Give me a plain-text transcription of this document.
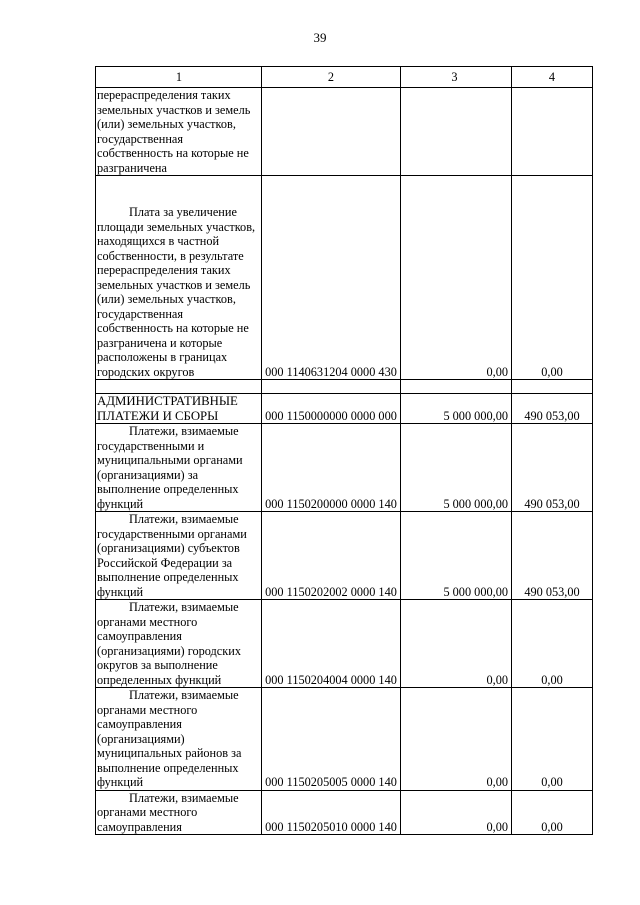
39
1	2	3	4

перераспределения таких земельных участков и земель (или) земельных участков, государственная собственность на которые не разграничена			

Плата за увеличение площади земельных участков, находящихся в частной собственности, в результате перераспределения таких земельных участков и земель (или) земельных участков, государственная собственность на которые не разграничена и которые расположены в границах городских округов	000 1140631204 0000 430	0,00	0,00

АДМИНИСТРАТИВНЫЕ ПЛАТЕЖИ И СБОРЫ	000 1150000000 0000 000	5 000 000,00	490 053,00

Платежи, взимаемые государственными и муниципальными органами (организациями) за выполнение определенных функций	000 1150200000 0000 140	5 000 000,00	490 053,00

Платежи, взимаемые государственными органами (организациями) субъектов Российской Федерации за выполнение определенных функций	000 1150202002 0000 140	5 000 000,00	490 053,00

Платежи, взимаемые органами местного самоуправления (организациями) городских округов за выполнение определенных функций	000 1150204004 0000 140	0,00	0,00

Платежи, взимаемые органами местного самоуправления (организациями) муниципальных районов за выполнение определенных функций	000 1150205005 0000 140	0,00	0,00

Платежи, взимаемые органами местного самоуправления	000 1150205010 0000 140	0,00	0,00
